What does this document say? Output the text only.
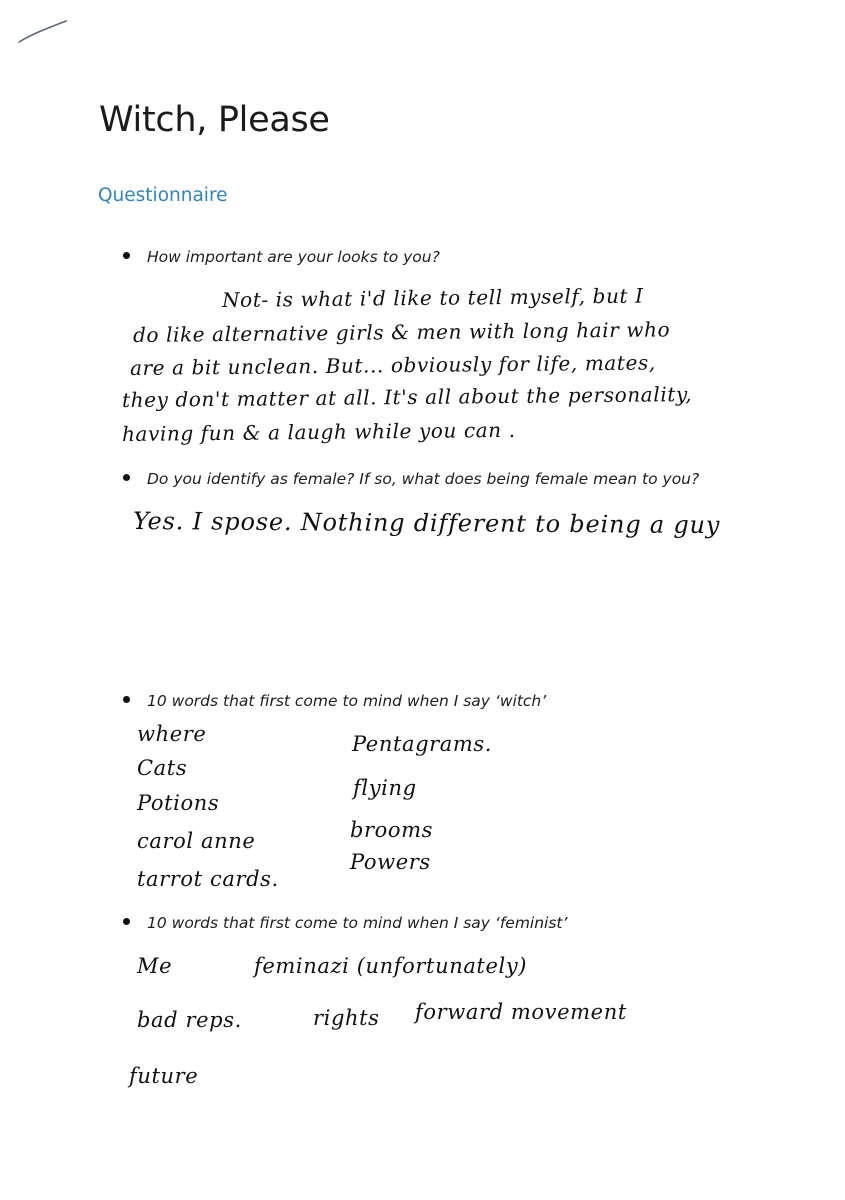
Witch, Please
Questionnaire
How important are your looks to you?
Not- is what i'd like to tell myself, but I
do like alternative girls & men with long hair who
are a bit unclean. But... obviously for life, mates,
they don't matter at all. It's all about the personality,
having fun & a laugh while you can .
Do you identify as female? If so, what does being female mean to you?
Yes. I spose. Nothing different to being a guy
10 words that first come to mind when I say ‘witch’
where	Pentagrams.
Cats
flying
Potions
carol anne	brooms
Powers
tarrot cards.
10 words that first come to mind when I say ‘feminist’
Me	feminazi (unfortunately)
bad reps.	rights forward movement
future
